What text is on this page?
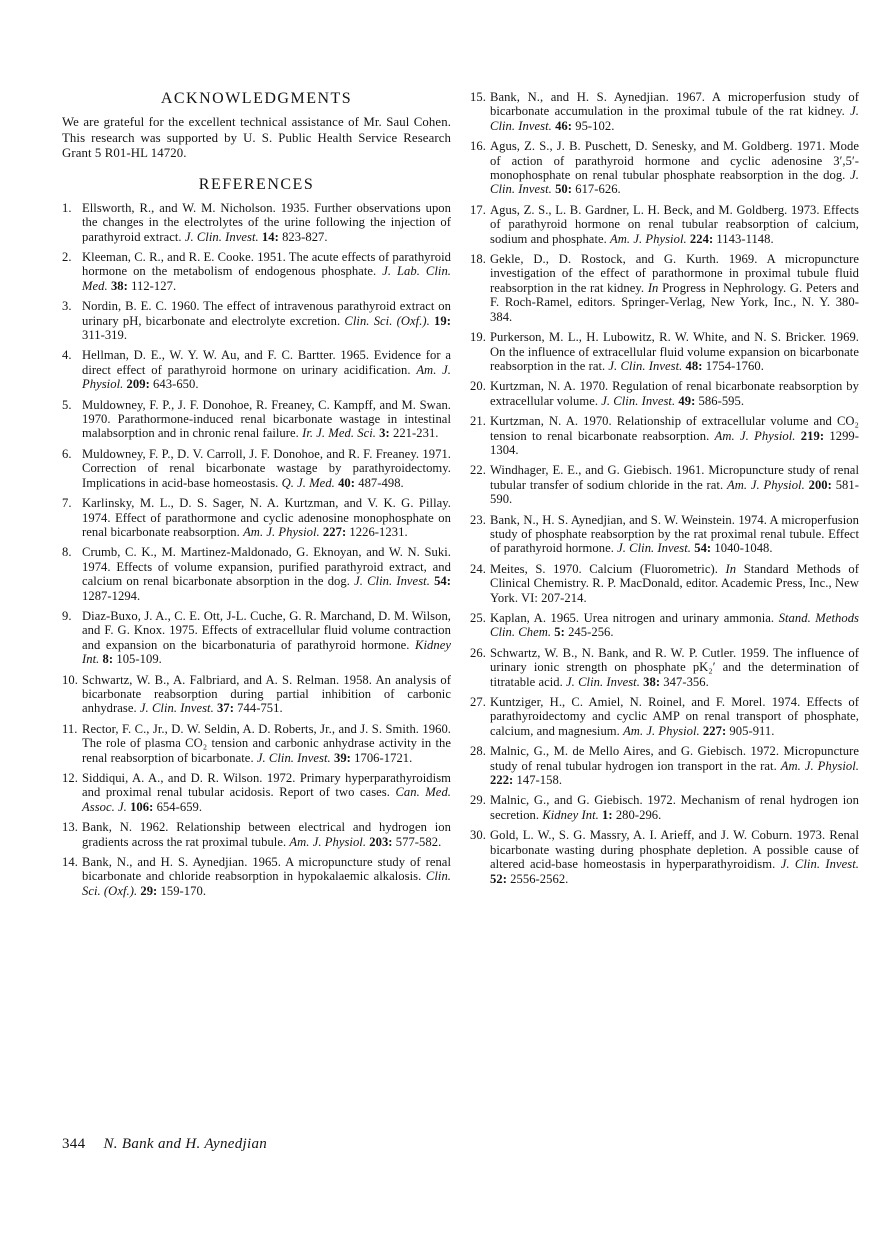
ACKNOWLEDGMENTS

We are grateful for the excellent technical assistance of Mr. Saul Cohen. This research was supported by U. S. Public Health Service Research Grant 5 R01-HL 14720.

REFERENCES
1. Ellsworth, R., and W. M. Nicholson. 1935. Further observations upon the changes in the electrolytes of the urine following the injection of parathyroid extract. J. Clin. Invest. 14: 823-827.
2. Kleeman, C. R., and R. E. Cooke. 1951. The acute effects of parathyroid hormone on the metabolism of endogenous phosphate. J. Lab. Clin. Med. 38: 112-127.
3. Nordin, B. E. C. 1960. The effect of intravenous parathyroid extract on urinary pH, bicarbonate and electrolyte excretion. Clin. Sci. (Oxf.). 19: 311-319.
4. Hellman, D. E., W. Y. W. Au, and F. C. Bartter. 1965. Evidence for a direct effect of parathyroid hormone on urinary acidification. Am. J. Physiol. 209: 643-650.
5. Muldowney, F. P., J. F. Donohoe, R. Freaney, C. Kampff, and M. Swan. 1970. Parathormone-induced renal bicarbonate wastage in intestinal malabsorption and in chronic renal failure. Ir. J. Med. Sci. 3: 221-231.
6. Muldowney, F. P., D. V. Carroll, J. F. Donohoe, and R. F. Freaney. 1971. Correction of renal bicarbonate wastage by parathyroidectomy. Implications in acid-base homeostasis. Q. J. Med. 40: 487-498.
7. Karlinsky, M. L., D. S. Sager, N. A. Kurtzman, and V. K. G. Pillay. 1974. Effect of parathormone and cyclic adenosine monophosphate on renal bicarbonate reabsorption. Am. J. Physiol. 227: 1226-1231.
8. Crumb, C. K., M. Martinez-Maldonado, G. Eknoyan, and W. N. Suki. 1974. Effects of volume expansion, purified parathyroid extract, and calcium on renal bicarbonate absorption in the dog. J. Clin. Invest. 54: 1287-1294.
9. Diaz-Buxo, J. A., C. E. Ott, J-L. Cuche, G. R. Marchand, D. M. Wilson, and F. G. Knox. 1975. Effects of extracellular fluid volume contraction and expansion on the bicarbonaturia of parathyroid hormone. Kidney Int. 8: 105-109.
10. Schwartz, W. B., A. Falbriard, and A. S. Relman. 1958. An analysis of bicarbonate reabsorption during partial inhibition of carbonic anhydrase. J. Clin. Invest. 37: 744-751.
11. Rector, F. C., Jr., D. W. Seldin, A. D. Roberts, Jr., and J. S. Smith. 1960. The role of plasma CO₂ tension and carbonic anhydrase activity in the renal reabsorption of bicarbonate. J. Clin. Invest. 39: 1706-1721.
12. Siddiqui, A. A., and D. R. Wilson. 1972. Primary hyperparathyroidism and proximal renal tubular acidosis. Report of two cases. Can. Med. Assoc. J. 106: 654-659.
13. Bank, N. 1962. Relationship between electrical and hydrogen ion gradients across the rat proximal tubule. Am. J. Physiol. 203: 577-582.
14. Bank, N., and H. S. Aynedjian. 1965. A micropuncture study of renal bicarbonate and chloride reabsorption in hypokalaemic alkalosis. Clin. Sci. (Oxf.). 29: 159-170.
15. Bank, N., and H. S. Aynedjian. 1967. A microperfusion study of bicarbonate accumulation in the proximal tubule of the rat kidney. J. Clin. Invest. 46: 95-102.
16. Agus, Z. S., J. B. Puschett, D. Senesky, and M. Goldberg. 1971. Mode of action of parathyroid hormone and cyclic adenosine 3′,5′-monophosphate on renal tubular phosphate reabsorption in the dog. J. Clin. Invest. 50: 617-626.
17. Agus, Z. S., L. B. Gardner, L. H. Beck, and M. Goldberg. 1973. Effects of parathyroid hormone on renal tubular reabsorption of calcium, sodium and phosphate. Am. J. Physiol. 224: 1143-1148.
18. Gekle, D., D. Rostock, and G. Kurth. 1969. A micropuncture investigation of the effect of parathormone in proximal tubule fluid reabsorption in the rat kidney. In Progress in Nephrology. G. Peters and F. Roch-Ramel, editors. Springer-Verlag, New York, Inc., N. Y. 380-384.
19. Purkerson, M. L., H. Lubowitz, R. W. White, and N. S. Bricker. 1969. On the influence of extracellular fluid volume expansion on bicarbonate reabsorption in the rat. J. Clin. Invest. 48: 1754-1760.
20. Kurtzman, N. A. 1970. Regulation of renal bicarbonate reabsorption by extracellular volume. J. Clin. Invest. 49: 586-595.
21. Kurtzman, N. A. 1970. Relationship of extracellular volume and CO₂ tension to renal bicarbonate reabsorption. Am. J. Physiol. 219: 1299-1304.
22. Windhager, E. E., and G. Giebisch. 1961. Micropuncture study of renal tubular transfer of sodium chloride in the rat. Am. J. Physiol. 200: 581-590.
23. Bank, N., H. S. Aynedjian, and S. W. Weinstein. 1974. A microperfusion study of phosphate reabsorption by the rat proximal renal tubule. Effect of parathyroid hormone. J. Clin. Invest. 54: 1040-1048.
24. Meites, S. 1970. Calcium (Fluorometric). In Standard Methods of Clinical Chemistry. R. P. MacDonald, editor. Academic Press, Inc., New York. VI: 207-214.
25. Kaplan, A. 1965. Urea nitrogen and urinary ammonia. Stand. Methods Clin. Chem. 5: 245-256.
26. Schwartz, W. B., N. Bank, and R. W. P. Cutler. 1959. The influence of urinary ionic strength on phosphate pK₂′ and the determination of titratable acid. J. Clin. Invest. 38: 347-356.
27. Kuntziger, H., C. Amiel, N. Roinel, and F. Morel. 1974. Effects of parathyroidectomy and cyclic AMP on renal transport of phosphate, calcium, and magnesium. Am. J. Physiol. 227: 905-911.
28. Malnic, G., M. de Mello Aires, and G. Giebisch. 1972. Micropuncture study of renal tubular hydrogen ion transport in the rat. Am. J. Physiol. 222: 147-158.
29. Malnic, G., and G. Giebisch. 1972. Mechanism of renal hydrogen ion secretion. Kidney Int. 1: 280-296.
30. Gold, L. W., S. G. Massry, A. I. Arieff, and J. W. Coburn. 1973. Renal bicarbonate wasting during phosphate depletion. A possible cause of altered acid-base homeostasis in hyperparathyroidism. J. Clin. Invest. 52: 2556-2562.
344 N. Bank and H. Aynedjian
